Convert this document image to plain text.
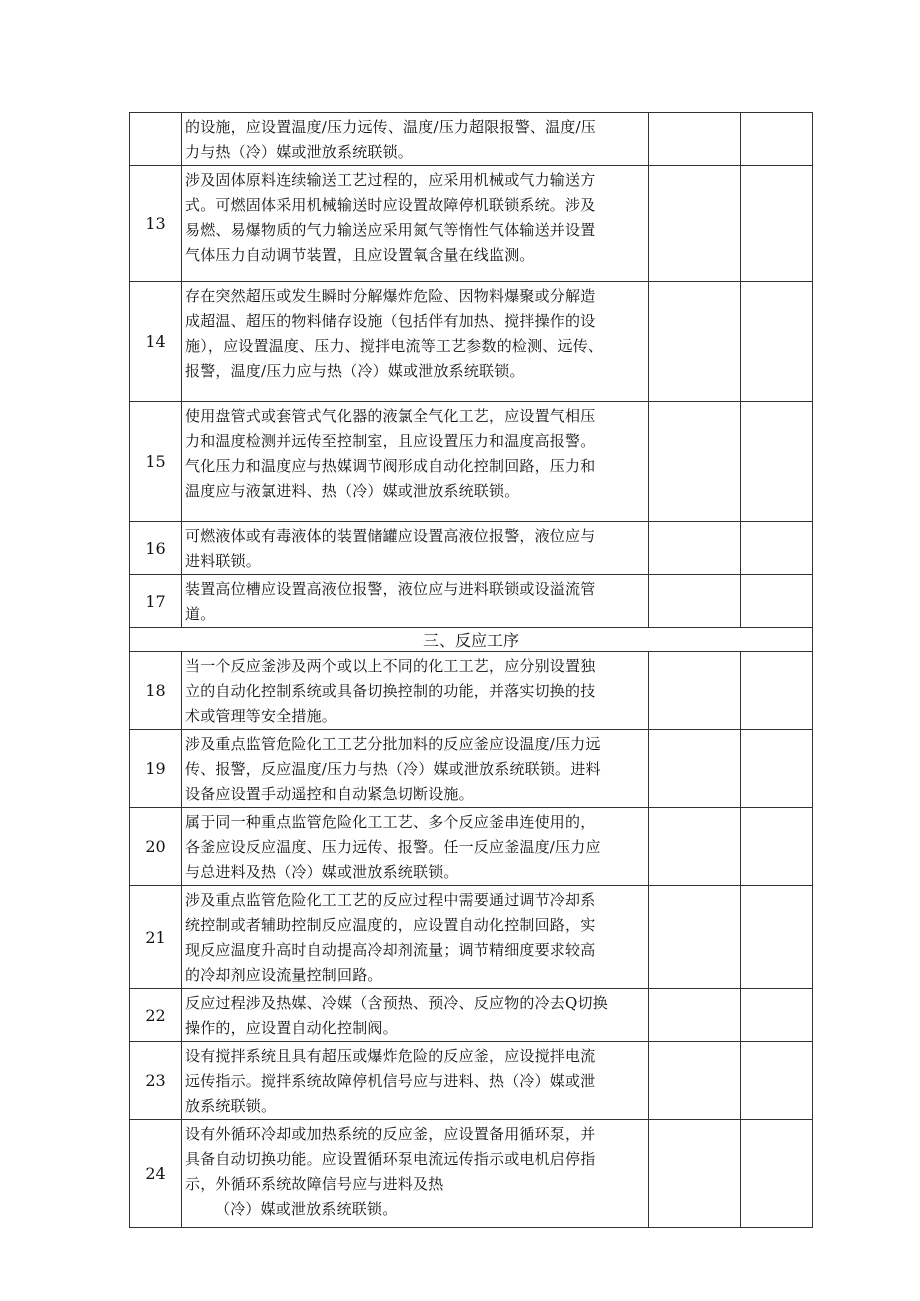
	的设施，应设置温度/压力远传、温度/压力超限报警、温度/压
力与热（冷）媒或泄放系统联锁。		

13	涉及固体原料连续输送工艺过程的，应采用机械或气力输送方
式。可燃固体采用机械输送时应设置故障停机联锁系统。涉及
易燃、易爆物质的气力输送应采用氮气等惰性气体输送并设置
气体压力自动调节装置，且应设置氧含量在线监测。		

14	存在突然超压或发生瞬时分解爆炸危险、因物料爆聚或分解造
成超温、超压的物料储存设施（包括伴有加热、搅拌操作的设
施），应设置温度、压力、搅拌电流等工艺参数的检测、远传、
报警，温度/压力应与热（冷）媒或泄放系统联锁。		

15	使用盘管式或套管式气化器的液氯全气化工艺，应设置气相压
力和温度检测并远传至控制室，且应设置压力和温度高报警。
气化压力和温度应与热媒调节阀形成自动化控制回路，压力和
温度应与液氯进料、热（冷）媒或泄放系统联锁。		

16	可燃液体或有毒液体的装置储罐应设置高液位报警，液位应与
进料联锁。		

17	装置高位槽应设置高液位报警，液位应与进料联锁或设溢流管
道。		

三、反应工序			
18	当一个反应釜涉及两个或以上不同的化工工艺，应分别设置独
立的自动化控制系统或具备切换控制的功能，并落实切换的技
术或管理等安全措施。		

19	涉及重点监管危险化工工艺分批加料的反应釜应设温度/压力远
传、报警，反应温度/压力与热（冷）媒或泄放系统联锁。进料
设备应设置手动遥控和自动紧急切断设施。		

20	属于同一种重点监管危险化工工艺、多个反应釜串连使用的，
各釜应设反应温度、压力远传、报警。任一反应釜温度/压力应
与总进料及热（冷）媒或泄放系统联锁。		

21	涉及重点监管危险化工工艺的反应过程中需要通过调节冷却系
统控制或者辅助控制反应温度的，应设置自动化控制回路，实
现反应温度升高时自动提高冷却剂流量；调节精细度要求较高
的冷却剂应设流量控制回路。		

22	反应过程涉及热媒、冷媒（含预热、预冷、反应物的冷去Q切换
操作的，应设置自动化控制阀。		

23	设有搅拌系统且具有超压或爆炸危险的反应釜，应设搅拌电流
远传指示。搅拌系统故障停机信号应与进料、热（冷）媒或泄
放系统联锁。		

24	设有外循环冷却或加热系统的反应釜，应设置备用循环泵，并
具备自动切换功能。应设置循环泵电流远传指示或电机启停指
示，外循环系统故障信号应与进料及热
（冷）媒或泄放系统联锁。		
